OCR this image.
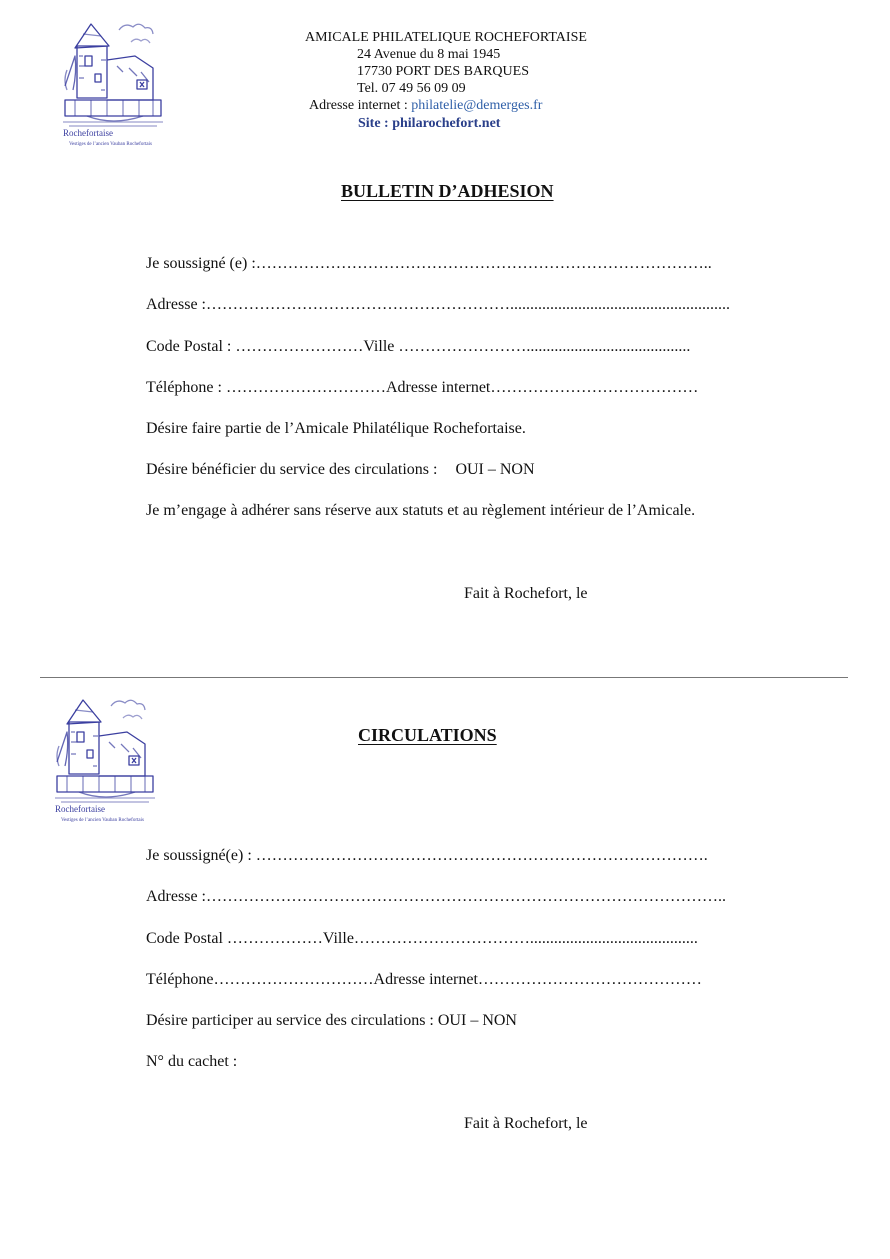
Rochefortaise
Vestiges de l’ancien Vauban Rochefortais
AMICALE PHILATELIQUE ROCHEFORTAISE
24 Avenue du 8 mai 1945
17730 PORT DES BARQUES
Tel. 07 49 56 09 09
Adresse internet : philatelie@demerges.fr
Site : philarochefort.net
BULLETIN D’ADHESION
Je soussigné (e) :…………………………………………………………………………..
Adresse :………………………………………………….......................................................
Code Postal : ……………………Ville …………………….........................................
Téléphone : …………………………Adresse internet…………………………………
Désire faire partie de l’Amicale Philatélique Rochefortaise.
Désire bénéficier du service des circulations : OUI – NON
Je m’engage à adhérer sans réserve aux statuts et au règlement intérieur de l’Amicale.
Fait à Rochefort, le
Rochefortaise
Vestiges de l’ancien Vauban Rochefortais
CIRCULATIONS
Je soussigné(e) : ………………………………………………………………………….
Adresse :……………………………………………………………………………………..
Code Postal ………………Ville……………………………..........................................
Téléphone…………………………Adresse internet……………………………………
Désire participer au service des circulations : OUI – NON
N° du cachet :
Fait à Rochefort, le
